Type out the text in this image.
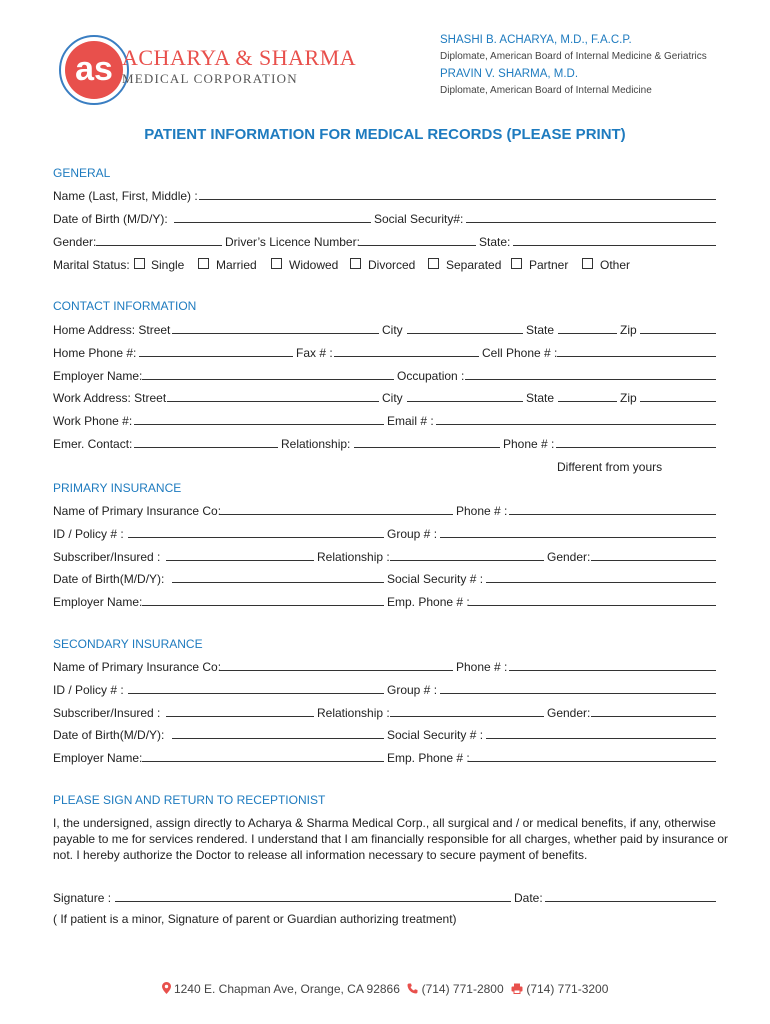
as ACHARYA & SHARMA
MEDICAL CORPORATION
SHASHI B. ACHARYA, M.D., F.A.C.P.
Diplomate, American Board of Internal Medicine & Geriatrics
PRAVIN V. SHARMA, M.D.
Diplomate, American Board of Internal Medicine
PATIENT INFORMATION FOR MEDICAL RECORDS (PLEASE PRINT)
GENERAL
Name (Last, First, Middle) :
Date of Birth (M/D/Y):	Social Security#:
Gender:	Driver’s Licence Number:	State:
Marital Status: Single	Married	Widowed Divorced	Separated Partner	Other
CONTACT INFORMATION
Home Address: Street	City	State	Zip
Home Phone #:	Fax # :	Cell Phone # :
Employer Name:	Occupation :
Work Address: Street	City	State	Zip
Work Phone #:	Email # :
Emer. Contact:	Relationship:	Phone # :
Different from yours
PRIMARY INSURANCE
Name of Primary Insurance Co:	Phone # :
ID / Policy # :	Group # :
Subscriber/Insured :	Relationship :	Gender:
Date of Birth(M/D/Y):	Social Security # :
Employer Name:	Emp. Phone # :
SECONDARY INSURANCE
Name of Primary Insurance Co:	Phone # :
ID / Policy # :	Group # :
Subscriber/Insured :	Relationship :	Gender:
Date of Birth(M/D/Y):	Social Security # :
Employer Name:	Emp. Phone # :
PLEASE SIGN AND RETURN TO RECEPTIONIST
I, the undersigned, assign directly to Acharya & Sharma Medical Corp., all surgical and / or medical benefits, if any, otherwise
payable to me for services rendered. I understand that I am financially responsible for all charges, whether paid by insurance or
not. I hereby authorize the Doctor to release all information necessary to secure payment of benefits.
Signature :	Date:
( If patient is a minor, Signature of parent or Guardian authorizing treatment)
1240 E. Chapman Ave, Orange, CA 92866 (714) 771-2800 (714) 771-3200
